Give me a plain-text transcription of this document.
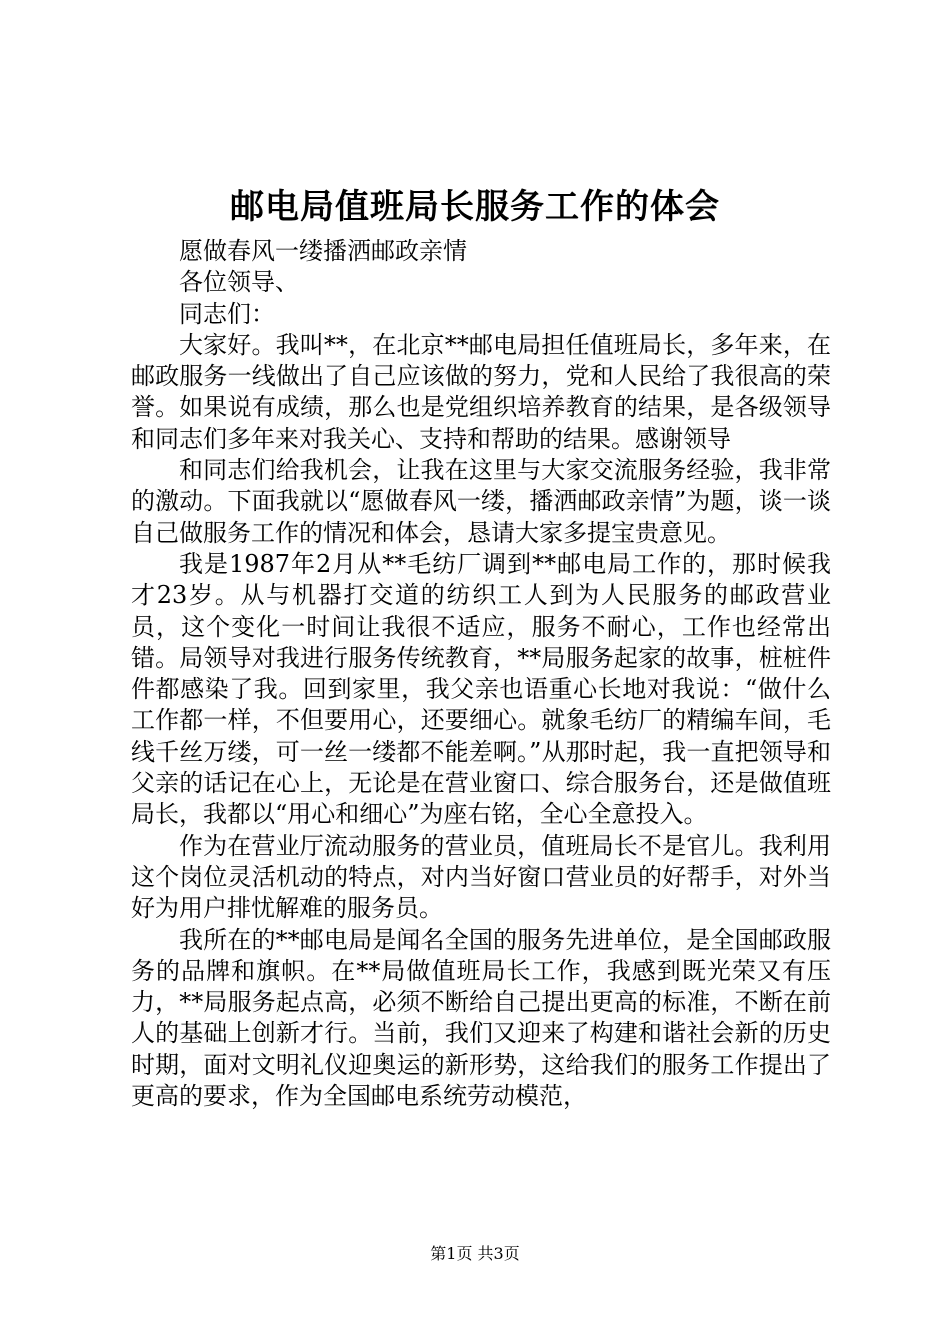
邮电局值班局长服务工作的体会

愿做春风一缕播洒邮政亲情

各位领导、

同志们：

大家好。我叫**，在北京**邮电局担任值班局长，多年来，在邮政服务一线做出了自己应该做的努力，党和人民给了我很高的荣誉。如果说有成绩，那么也是党组织培养教育的结果，是各级领导和同志们多年来对我关心、支持和帮助的结果。感谢领导

和同志们给我机会，让我在这里与大家交流服务经验，我非常的激动。下面我就以“愿做春风一缕，播洒邮政亲情”为题，谈一谈自己做服务工作的情况和体会，恳请大家多提宝贵意见。

我是1987年2月从**毛纺厂调到**邮电局工作的，那时候我才23岁。从与机器打交道的纺织工人到为人民服务的邮政营业员，这个变化一时间让我很不适应，服务不耐心，工作也经常出错。局领导对我进行服务传统教育，**局服务起家的故事，桩桩件件都感染了我。回到家里，我父亲也语重心长地对我说：“做什么工作都一样，不但要用心，还要细心。就象毛纺厂的精编车间，毛线千丝万缕，可一丝一缕都不能差啊。”从那时起，我一直把领导和父亲的话记在心上，无论是在营业窗口、综合服务台，还是做值班局长，我都以“用心和细心”为座右铭，全心全意投入。

作为在营业厅流动服务的营业员，值班局长不是官儿。我利用这个岗位灵活机动的特点，对内当好窗口营业员的好帮手，对外当好为用户排忧解难的服务员。

我所在的**邮电局是闻名全国的服务先进单位，是全国邮政服务的品牌和旗帜。在**局做值班局长工作，我感到既光荣又有压力，**局服务起点高，必须不断给自己提出更高的标准，不断在前人的基础上创新才行。当前，我们又迎来了构建和谐社会新的历史时期，面对文明礼仪迎奥运的新形势，这给我们的服务工作提出了更高的要求，作为全国邮电系统劳动模范，

第1页 共3页
